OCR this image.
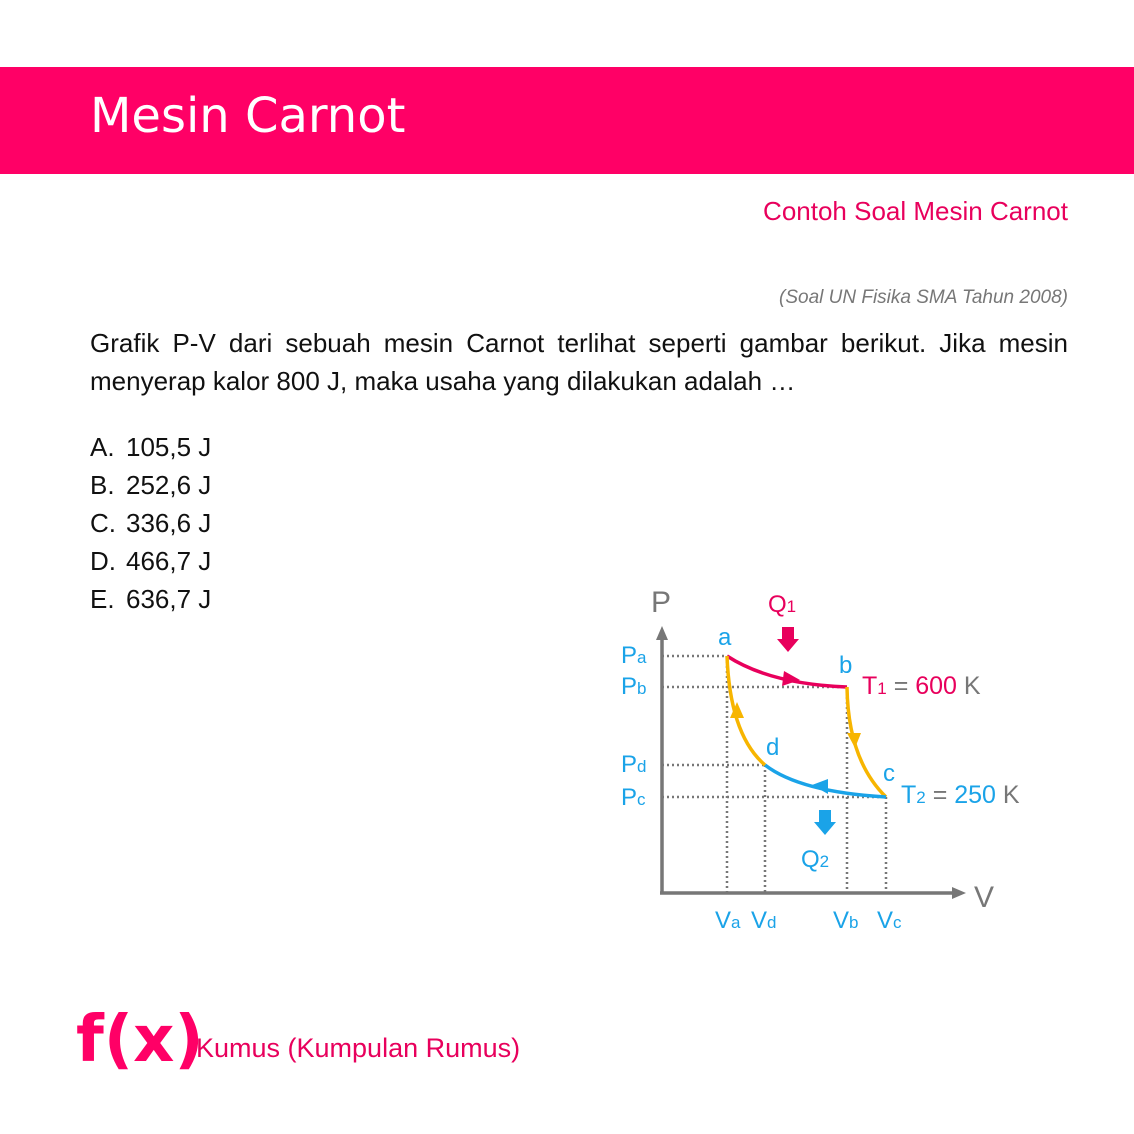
Mesin Carnot
Contoh Soal Mesin Carnot
(Soal UN Fisika SMA Tahun 2008)
Grafik P-V dari sebuah mesin Carnot terlihat seperti gambar berikut. Jika mesin menyerap kalor 800 J, maka usaha yang dilakukan adalah …
A. 105,5 J
B. 252,6 J
C. 336,6 J
D. 466,7 J
E. 636,7 J	P
V
Q1
Q2
a
b
c
d
Pa
Pb
Pd
Pc
Va Vd Vb Vc
T1 = 600 K
T2 = 250 K
f(x)
Kumus (Kumpulan Rumus)
